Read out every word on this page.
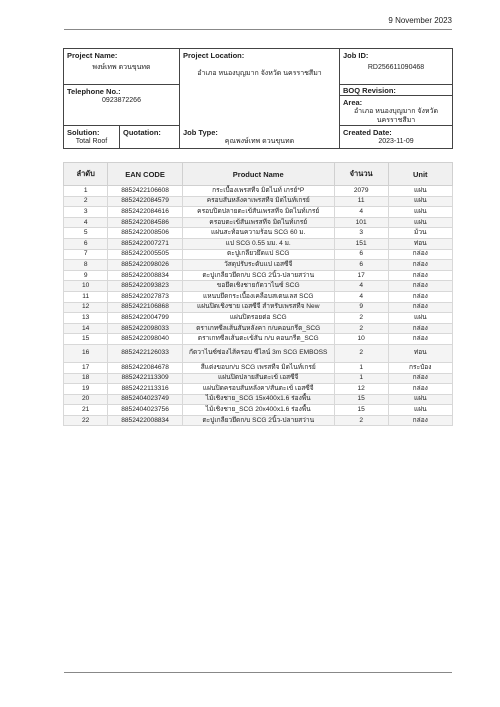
9 November 2023
Project Name:
พงษ์เทพ ดวนขุนทด
Project Location:
อำเภอ หนองบุญมาก จังหวัด นครราชสีมา
Job ID:
RD256611090468
Telephone No.:
0923872266
BOQ Revision:
Area:
อำเภอ หนองบุญมาก จังหวัด
นครราชสีมา
Solution:
Total Roof
Quotation:	Job Type:
คุณพงษ์เทพ ดวนขุนทด
Created Date:
2023-11-09
ลำดับ	EAN CODE	Product Name	จำนวน	Unit
1	8852422106608	กระเบื้องเพรสทีจ มิตไนท์ เกรย์*P	2079	แผ่น
2	8852422084579	ครอบสันหลังคาเพรสทีจ มิดไนท์เกรย์	11	แผ่น
3	8852422084616	ครอบปิดปลายตะเข้สันเพรสทีจ มิดไนท์เกรย์	4	แผ่น
4	8852422084586	ครอบตะเข้สันเพรสทีจ มิดไนท์เกรย์	101	แผ่น
5	8852422008506	แผ่นสะท้อนความร้อน SCG 60 ม.	3	ม้วน
6	8852422007271	แป SCG 0.55 มม. 4 ม.	151	ท่อน
7	8852422005505	ตะปูเกลียวยึดแป SCG	6	กล่อง
8	8852422098026	วัสดุปรับระดับแป เอสซีจี	6	กล่อง
9	8852422008834	ตะปูเกลียวยึดก/บ SCG 2นิ้ว-ปลายสว่าน	17	กล่อง
10	8852422093823	ขอยึดเชิงชายกัดวาไนซ์ SCG	4	กล่อง
11	8852422027873	แหนบยึดกระเบื้องเคลือบสเตนเลส SCG	4	กล่อง
12	8852422106868	แผ่นปิดเชิงชาย เอสซีจี สำหรับเพรสทีจ New	9	กล่อง
13	8852422004799	แผ่นปิดรอยต่อ SCG	2	แผ่น
14	8852422098033	ตราเกทซีลเส้นสันหลังคา ก/บคอนกรีต_SCG	2	กล่อง
15	8852422098040	ตราเกทซีลเส้นตะเข้สัน ก/บ คอนกรีต_SCG	10	กล่อง
16	8852422126033	กัดวาไนซ์ซ่องไส้ครอบ ซีไลน์ 3m SCG EMBOSS	2	ท่อน
17	8852422084678	สีแต่งขอบก/บ SCG เพรสทีจ มิดไนท์เกรย์	1	กระป๋อง
18	8852422113309	แผ่นปิดปลายสันตะเข้ เอสซีจี	1	กล่อง
19	8852422113316	แผ่นปิดครอบสันหลังคา/สันตะเข้ เอสซีจี	12	กล่อง
20	8852404023749	ไม้เชิงชาย_SCG 15x400x1.6 ร่องพื้น	15	แผ่น
21	8852404023756	ไม้เชิงชาย_SCG 20x400x1.6 ร่องพื้น	15	แผ่น
22	8852422008834	ตะปูเกลียวยึดก/บ SCG 2นิ้ว-ปลายสว่าน	2	กล่อง
